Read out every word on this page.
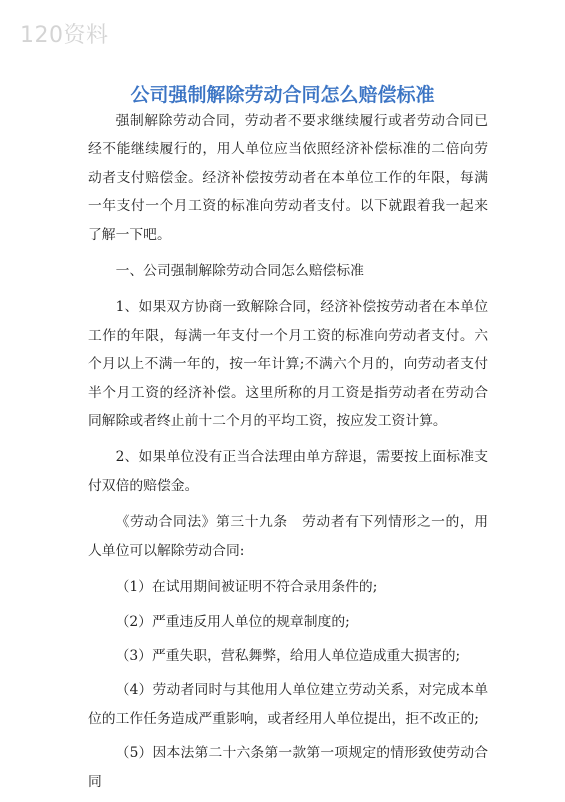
120资料
公司强制解除劳动合同怎么赔偿标准

强制解除劳动合同，劳动者不要求继续履行或者劳动合同已经不能继续履行的，用人单位应当依照经济补偿标准的二倍向劳动者支付赔偿金。经济补偿按劳动者在本单位工作的年限，每满一年支付一个月工资的标准向劳动者支付。以下就跟着我一起来了解一下吧。

一、公司强制解除劳动合同怎么赔偿标准

1、如果双方协商一致解除合同，经济补偿按劳动者在本单位工作的年限，每满一年支付一个月工资的标准向劳动者支付。六个月以上不满一年的，按一年计算;不满六个月的，向劳动者支付半个月工资的经济补偿。这里所称的月工资是指劳动者在劳动合同解除或者终止前十二个月的平均工资，按应发工资计算。

2、如果单位没有正当合法理由单方辞退，需要按上面标准支付双倍的赔偿金。

《劳动合同法》第三十九条　劳动者有下列情形之一的，用人单位可以解除劳动合同:

（1）在试用期间被证明不符合录用条件的;

（2）严重违反用人单位的规章制度的;

（3）严重失职，营私舞弊，给用人单位造成重大损害的;

（4）劳动者同时与其他用人单位建立劳动关系，对完成本单位的工作任务造成严重影响，或者经用人单位提出，拒不改正的;

（5）因本法第二十六条第一款第一项规定的情形致使劳动合同
